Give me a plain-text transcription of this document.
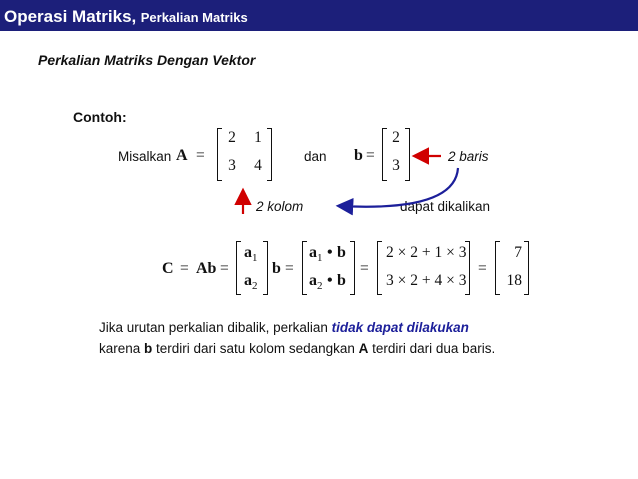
Operasi Matriks, Perkalian Matriks
Perkalian Matriks Dengan Vektor
Contoh:
Misalkan A =
2	1
3	4
dan b =
2
3
2 baris
2 kolom	dapat dikalikan
C = Ab =
$a_1$
$a_2$
b =
$a_1$ • b
$a_2$ • b
=
2 × 2 + 1 × 3
3 × 2 + 4 × 3
=
7
18
Jika urutan perkalian dibalik, perkalian tidak dapat dilakukan
karena b terdiri dari satu kolom sedangkan A terdiri dari dua baris.
